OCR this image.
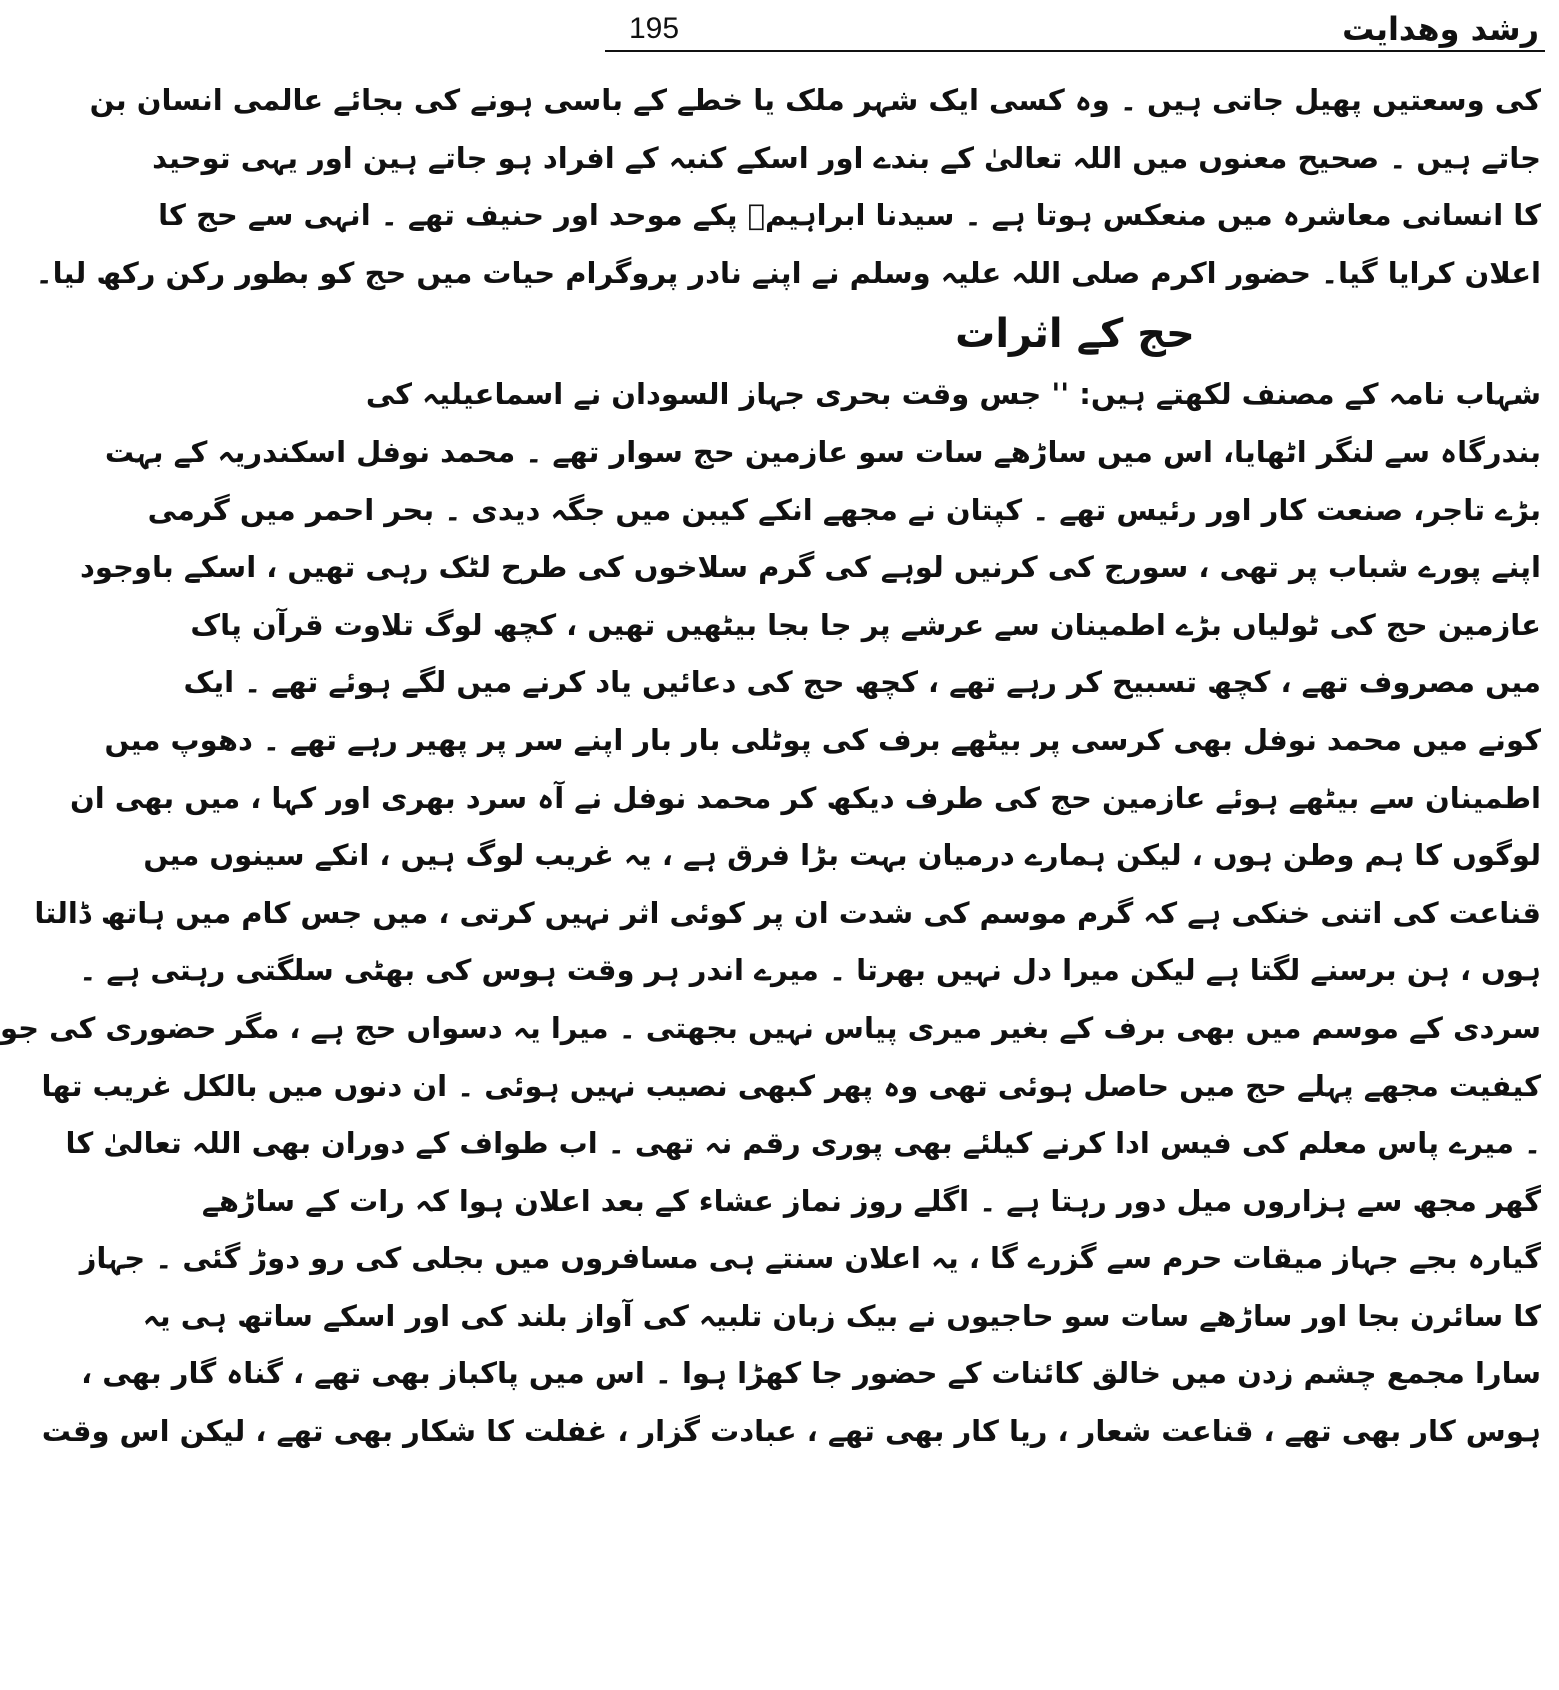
رشد وھدایت
195
کی وسعتیں پھیل جاتی ہیں ۔ وہ کسی ایک شہر ملک یا خطے کے باسی ہونے کی بجائے عالمی انسان بن
جاتے ہیں ۔ صحیح معنوں میں اللہ تعالیٰ کے بندے اور اسکے کنبہ کے افراد ہو جاتے ہین اور یہی توحید
کا انسانی معاشرہ میں منعکس ہوتا ہے ۔ سیدنا ابراہیمؑ پکے موحد اور حنیف تھے ۔ انہی سے حج کا
اعلان کرایا گیا۔ حضور اکرم صلی اللہ علیہ وسلم نے اپنے نادر پروگرام حیات میں حج کو بطور رکن رکھ لیا۔
حج کے اثرات
شہاب نامہ کے مصنف لکھتے ہیں: '' جس وقت بحری جہاز السودان نے اسماعیلیہ کی
بندرگاہ سے لنگر اٹھایا، اس میں ساڑھے سات سو عازمین حج سوار تھے ۔ محمد نوفل اسکندریہ کے بہت
بڑے تاجر، صنعت کار اور رئیس تھے ۔ کپتان نے مجھے انکے کیبن میں جگہ دیدی ۔ بحر احمر میں گرمی
اپنے پورے شباب پر تھی ، سورج کی کرنیں لوہے کی گرم سلاخوں کی طرح لٹک رہی تھیں ، اسکے باوجود
عازمین حج کی ٹولیاں بڑے اطمینان سے عرشے پر جا بجا بیٹھیں تھیں ، کچھ لوگ تلاوت قرآن پاک
میں مصروف تھے ، کچھ تسبیح کر رہے تھے ، کچھ حج کی دعائیں یاد کرنے میں لگے ہوئے تھے ۔ ایک
کونے میں محمد نوفل بھی کرسی پر بیٹھے برف کی پوٹلی بار بار اپنے سر پر پھیر رہے تھے ۔ دھوپ میں
اطمینان سے بیٹھے ہوئے عازمین حج کی طرف دیکھ کر محمد نوفل نے آہ سرد بھری اور کہا ، میں بھی ان
لوگوں کا ہم وطن ہوں ، لیکن ہمارے درمیان بہت بڑا فرق ہے ، یہ غریب لوگ ہیں ، انکے سینوں میں
قناعت کی اتنی خنکی ہے کہ گرم موسم کی شدت ان پر کوئی اثر نہیں کرتی ، میں جس کام میں ہاتھ ڈالتا
ہوں ، ہن برسنے لگتا ہے لیکن میرا دل نہیں بھرتا ۔ میرے اندر ہر وقت ہوس کی بھٹی سلگتی رہتی ہے ۔
سردی کے موسم میں بھی برف کے بغیر میری پیاس نہیں بجھتی ۔ میرا یہ دسواں حج ہے ، مگر حضوری کی جو
کیفیت مجھے پہلے حج میں حاصل ہوئی تھی وہ پھر کبھی نصیب نہیں ہوئی ۔ ان دنوں میں بالکل غریب تھا
۔ میرے پاس معلم کی فیس ادا کرنے کیلئے بھی پوری رقم نہ تھی ۔ اب طواف کے دوران بھی اللہ تعالیٰ کا
گھر مجھ سے ہزاروں میل دور رہتا ہے ۔ اگلے روز نماز عشاء کے بعد اعلان ہوا کہ رات کے ساڑھے
گیارہ بجے جہاز میقات حرم سے گزرے گا ، یہ اعلان سنتے ہی مسافروں میں بجلی کی رو دوڑ گئی ۔ جہاز
کا سائرن بجا اور ساڑھے سات سو حاجیوں نے بیک زبان تلبیہ کی آواز بلند کی اور اسکے ساتھ ہی یہ
سارا مجمع چشم زدن میں خالق کائنات کے حضور جا کھڑا ہوا ۔ اس میں پاکباز بھی تھے ، گناہ گار بھی ،
ہوس کار بھی تھے ، قناعت شعار ، ریا کار بھی تھے ، عبادت گزار ، غفلت کا شکار بھی تھے ، لیکن اس وقت
